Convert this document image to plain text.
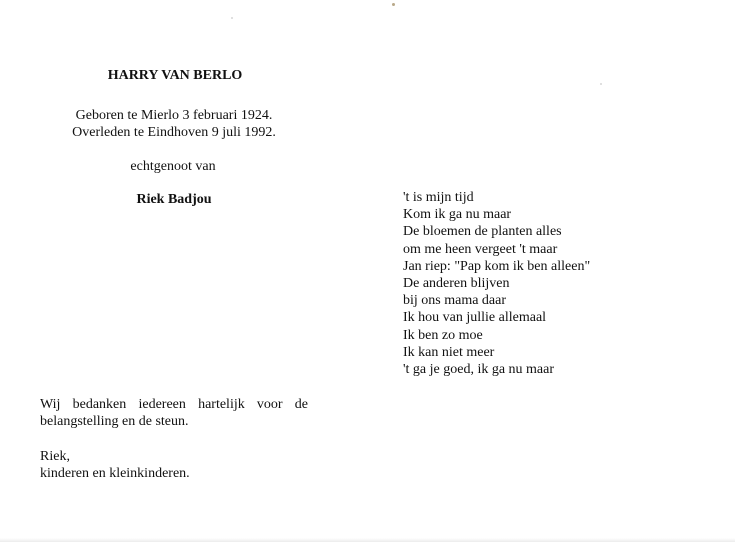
HARRY VAN BERLO
Geboren te Mierlo 3 februari 1924.
Overleden te Eindhoven 9 juli 1992.
echtgenoot van
Riek Badjou	't is mijn tijd
Kom ik ga nu maar
De bloemen de planten alles
om me heen vergeet 't maar
Jan riep: "Pap kom ik ben alleen"
De anderen blijven
bij ons mama daar
Ik hou van jullie allemaal
Ik ben zo moe
Ik kan niet meer
't ga je goed, ik ga nu maar
Wij bedanken iedereen hartelijk voor de belangstelling en de steun.
Riek,
kinderen en kleinkinderen.
